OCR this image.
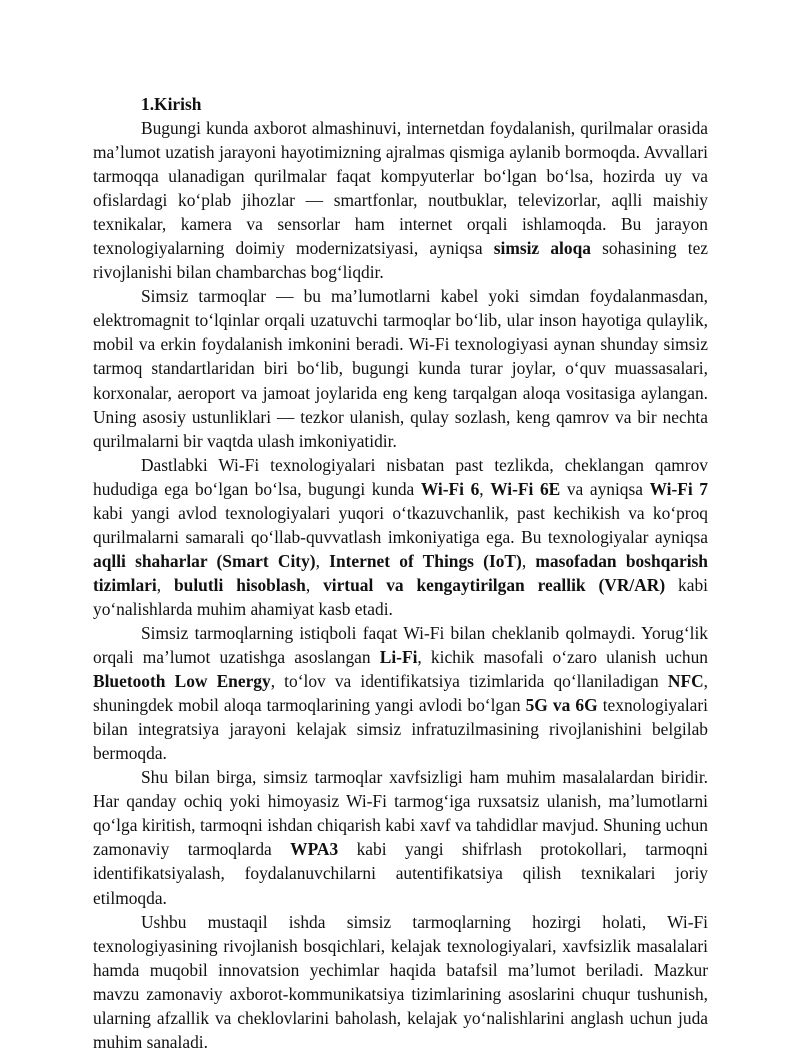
1.Kirish

Bugungi kunda axborot almashinuvi, internetdan foydalanish, qurilmalar orasida ma’lumot uzatish jarayoni hayotimizning ajralmas qismiga aylanib bormoqda. Avvallari tarmoqqa ulanadigan qurilmalar faqat kompyuterlar bo‘lgan bo‘lsa, hozirda uy va ofislardagi ko‘plab jihozlar — smartfonlar, noutbuklar, televizorlar, aqlli maishiy texnikalar, kamera va sensorlar ham internet orqali ishlamoqda. Bu jarayon texnologiyalarning doimiy modernizatsiyasi, ayniqsa simsiz aloqa sohasining tez rivojlanishi bilan chambarchas bog‘liqdir.

Simsiz tarmoqlar — bu ma’lumotlarni kabel yoki simdan foydalanmasdan, elektromagnit to‘lqinlar orqali uzatuvchi tarmoqlar bo‘lib, ular inson hayotiga qulaylik, mobil va erkin foydalanish imkonini beradi. Wi-Fi texnologiyasi aynan shunday simsiz tarmoq standartlaridan biri bo‘lib, bugungi kunda turar joylar, o‘quv muassasalari, korxonalar, aeroport va jamoat joylarida eng keng tarqalgan aloqa vositasiga aylangan. Uning asosiy ustunliklari — tezkor ulanish, qulay sozlash, keng qamrov va bir nechta qurilmalarni bir vaqtda ulash imkoniyatidir.

Dastlabki Wi-Fi texnologiyalari nisbatan past tezlikda, cheklangan qamrov hududiga ega bo‘lgan bo‘lsa, bugungi kunda Wi-Fi 6, Wi-Fi 6E va ayniqsa Wi-Fi 7 kabi yangi avlod texnologiyalari yuqori o‘tkazuvchanlik, past kechikish va ko‘proq qurilmalarni samarali qo‘llab-quvvatlash imkoniyatiga ega. Bu texnologiyalar ayniqsa aqlli shaharlar (Smart City), Internet of Things (IoT), masofadan boshqarish tizimlari, bulutli hisoblash, virtual va kengaytirilgan reallik (VR/AR) kabi yo‘nalishlarda muhim ahamiyat kasb etadi.

Simsiz tarmoqlarning istiqboli faqat Wi-Fi bilan cheklanib qolmaydi. Yorug‘lik orqali ma’lumot uzatishga asoslangan Li-Fi, kichik masofali o‘zaro ulanish uchun Bluetooth Low Energy, to‘lov va identifikatsiya tizimlarida qo‘llaniladigan NFC, shuningdek mobil aloqa tarmoqlarining yangi avlodi bo‘lgan 5G va 6G texnologiyalari bilan integratsiya jarayoni kelajak simsiz infratuzilmasining rivojlanishini belgilab bermoqda.

Shu bilan birga, simsiz tarmoqlar xavfsizligi ham muhim masalalardan biridir. Har qanday ochiq yoki himoyasiz Wi-Fi tarmog‘iga ruxsatsiz ulanish, ma’lumotlarni qo‘lga kiritish, tarmoqni ishdan chiqarish kabi xavf va tahdidlar mavjud. Shuning uchun zamonaviy tarmoqlarda WPA3 kabi yangi shifrlash protokollari, tarmoqni identifikatsiyalash, foydalanuvchilarni autentifikatsiya qilish texnikalari joriy etilmoqda.

Ushbu mustaqil ishda simsiz tarmoqlarning hozirgi holati, Wi-Fi texnologiyasining rivojlanish bosqichlari, kelajak texnologiyalari, xavfsizlik masalalari hamda muqobil innovatsion yechimlar haqida batafsil ma’lumot beriladi. Mazkur mavzu zamonaviy axborot-kommunikatsiya tizimlarining asoslarini chuqur tushunish, ularning afzallik va cheklovlarini baholash, kelajak yo‘nalishlarini anglash uchun juda muhim sanaladi.
